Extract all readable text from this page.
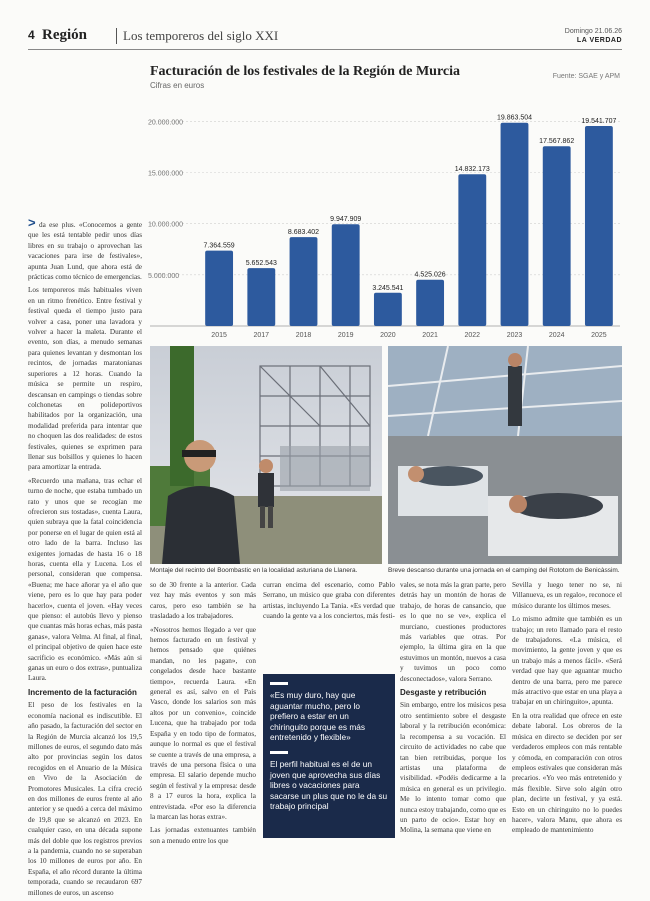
4 Región	Los temporeros del siglo XXI	Domingo 21.06.26
LA VERDAD
Facturación de los festivales de la Región de Murcia
Cifras en euros
Fuente: SGAE y APM
5.000.000
10.000.000
15.000.000
20.000.000
7.364.559
2015
5.652.543
2017
8.683.402
2018
9.947.909
2019
3.245.541
2020
4.525.026
2021
14.832.173
2022
19.863.504
2023
17.567.862
2024
19.541.707
2025

> da ese plus. «Conocemos a gente que les está tentable pedir unos días libres en su trabajo o aprovechan las vacaciones para irse de festivales», apunta Juan Lund, que ahora está de prácticas como técnico de emergencias.

Los temporeros más habituales viven en un ritmo frenético. Entre festival y festival queda el tiempo justo para volver a casa, poner una lavadora y volver a hacer la maleta. Durante el evento, son días, a menudo semanas para quienes levantan y desmontan los recintos, de jornadas maratonianas superiores a 12 horas. Cuando la música se permite un respiro, descansan en campings o tiendas sobre colchonetas en polideportivos habilitados por la organización, una modalidad preferida para intentar que no choquen las dos realidades: de estos festivales, quienes se exprimen para llenar sus bolsillos y quienes lo hacen para amortizar la entrada.

«Recuerdo una mañana, tras echar el turno de noche, que estaba tumbado un rato y unos que se recogían me ofrecieron sus tostadas», cuenta Laura, quien subraya que la fatal coincidencia por ponerse en el lugar de quien está al otro lado de la barra. Incluso las exigentes jornadas de hasta 16 o 18 horas, cuenta ella y Lucena. Los el personal, consideran que compensa. «Buena; me hace añorar ya el año que viene, pero es lo que hay para poder hacerlo», cuenta el joven. «Hay veces que pienso: el autobús llevo y pienso que cuantas más horas echas, más pasta ganas», valora Velma. Al final, al final, el principal objetivo de quien hace este sacrificio es económico. «Más aún si ganas un euro o dos extras», puntualiza Laura.

Incremento de la facturación

El peso de los festivales en la economía nacional es indiscutible. El año pasado, la facturación del sector en la Región de Murcia alcanzó los 19,5 millones de euros, el segundo dato más alto por provincias según los datos recogidos en el Anuario de la Música en Vivo de la Asociación de Promotores Musicales. La cifra creció en dos millones de euros frente al año anterior y se quedó a cerca del máximo de 19,8 que se alcanzó en 2023. En cualquier caso, en una década supone más del doble que los registros previos a la pandemia, cuando no se superaban los 10 millones de euros por año. En España, el año récord durante la última temporada, cuando se recaudaron 697 millones de euros, un ascenso

Montaje del recinto del Boombastic en la localidad asturiana de Llanera.	Breve descanso durante una jornada en el camping del Rototom de Benicàssim.

so de 30 frente a la anterior. Cada vez hay más eventos y son más caros, pero eso también se ha trasladado a los trabajadores.

«Nosotros hemos llegado a ver que hemos facturado en un festival y hemos pensado que quiénes mandan, no les pagan», con congelados desde hace bastante tiempo», recuerda Laura. «En general es así, salvo en el País Vasco, donde los salarios son más altos por un convenio», coincide Lucena, que ha trabajado por toda España y en todo tipo de formatos, aunque lo normal es que el festival se cuente a través de una empresa, a través de una persona física o una empresa. El salario depende mucho según el festival y la empresa: desde 8 a 17 euros la hora, explica la entrevistada. «Por eso la diferencia la marcan las horas extra».

Las jornadas extenuantes también son a menudo entre los que

curran encima del escenario, como Pablo Serrano, un músico que graba con diferentes artistas, incluyendo La Tania. «Es verdad que cuando la gente va a los conciertos, más festi-

«Es muy duro, hay que aguantar mucho, pero lo prefiero a estar en un chiringuito porque es más entretenido y flexible»
El perfil habitual es el de un joven que aprovecha sus días libres o vacaciones para sacarse un plus que no le da su trabajo principal

vales, se nota más la gran parte, pero detrás hay un montón de horas de trabajo, de horas de cansancio, que es lo que no se ve», explica el murciano, cuestiones productores más variables que otras. Por ejemplo, la última gira en la que estuvimos un montón, nuevos a casa y tuvimos un poco como desconectados», valora Serrano.

Desgaste y retribución

Sin embargo, entre los músicos pesa otro sentimiento sobre el desgaste laboral y la retribución económica: la recompensa a su vocación. El circuito de actividades no cabe que tan bien retribuidas, porque los artistas una plataforma de visibilidad. «Podéis dedicarme a la música en general es un privilegio. Me lo intento tomar como que nunca estoy trabajando, como que es un parto de ocio». Estar hoy en Molina, la semana que viene en

Sevilla y luego tener no se, ni Villanueva, es un regalo», reconoce el músico durante los últimos meses.

Lo mismo admite que también es un trabajo; un reto llamado para el resto de trabajadores. «La música, el movimiento, la gente joven y que es un trabajo más a menos fácil». «Será verdad que hay que aguantar mucho dentro de una barra, pero me parece más atractivo que estar en una playa a trabajar en un chiringuito», apunta.

En la otra realidad que ofrece en este debate laboral. Los obreros de la música en directo se deciden por ser verdaderos empleos con más rentable y cómoda, en comparación con otros empleos estivales que consideran más precarios. «Yo veo más entretenido y más flexible. Sirve solo algún otro plan, decirte un festival, y ya está. Esto en un chiringuito no lo puedes hacer», valora Manu, que ahora es empleado de mantenimiento
